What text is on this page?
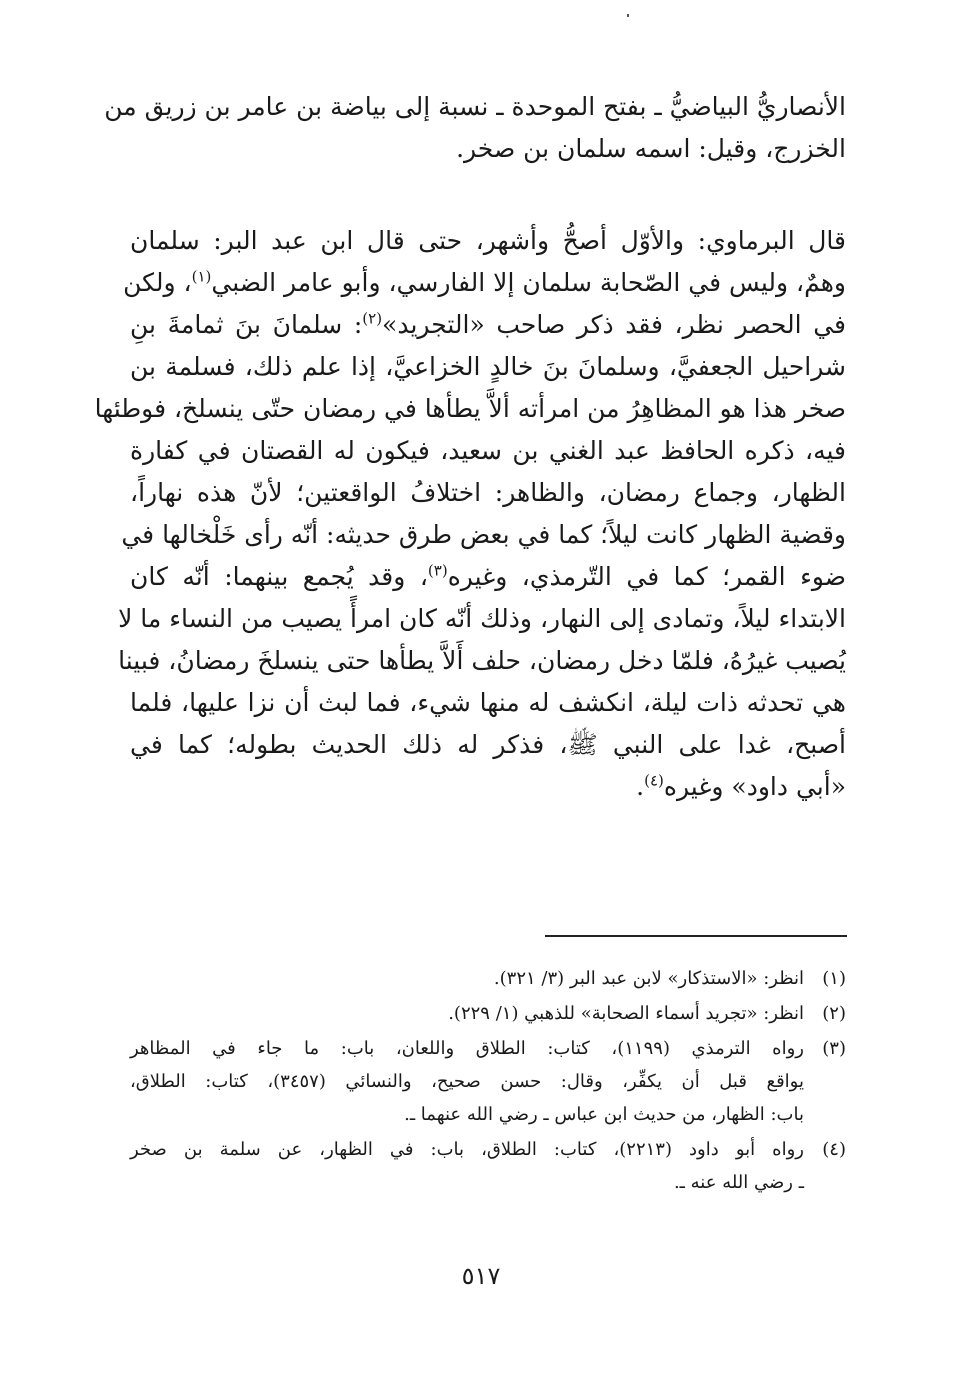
الأنصاريُّ البياضيُّ ـ بفتح الموحدة ـ نسبة إلى بياضة بن عامر بن زريق من
الخزرج، وقيل: اسمه سلمان بن صخر.
قال البرماوي: والأوّل أصحُّ وأشهر، حتى قال ابن عبد البر: سلمان
وهمٌ، وليس في الصّحابة سلمان إلا الفارسي، وأبو عامر الضبي$^{(١)}$، ولكن
في الحصر نظر، فقد ذكر صاحب «التجريد»$^{(٢)}$: سلمانَ بنَ ثمامةَ بنِ
شراحيل الجعفيَّ، وسلمانَ بنَ خالدٍ الخزاعيَّ، إذا علم ذلك، فسلمة بن
صخر هذا هو المظاهِرُ من امرأته ألاَّ يطأها في رمضان حتّى ينسلخ، فوطئها
فيه، ذكره الحافظ عبد الغني بن سعيد، فيكون له القصتان في كفارة
الظهار، وجماع رمضان، والظاهر: اختلافُ الواقعتين؛ لأنّ هذه نهاراً،
وقضية الظهار كانت ليلاً؛ كما في بعض طرق حديثه: أنّه رأى خَلْخالها في
ضوء القمر؛ كما في التّرمذي، وغيره$^{(٣)}$، وقد يُجمع بينهما: أنّه كان
الابتداء ليلاً، وتمادى إلى النهار، وذلك أنّه كان امرأً يصيب من النساء ما لا
يُصيب غيرُهُ، فلمّا دخل رمضان، حلف أَلاَّ يطأها حتى ينسلخَ رمضانُ، فبينا
هي تحدثه ذات ليلة، انكشف له منها شيء، فما لبث أن نزا عليها، فلما
أصبح، غدا على النبي ﷺ، فذكر له ذلك الحديث بطوله؛ كما في
«أبي داود» وغيره$^{(٤)}$.
(١)
انظر: «الاستذكار» لابن عبد البر (٣/ ٣٢١).
(٢)
انظر: «تجريد أسماء الصحابة» للذهبي (١/ ٢٢٩).
(٣)
رواه الترمذي (١١٩٩)، كتاب: الطلاق واللعان، باب: ما جاء في المظاهر
يواقع قبل أن يكفِّر، وقال: حسن صحيح، والنسائي (٣٤٥٧)، كتاب: الطلاق،
باب: الظهار، من حديث ابن عباس ـ رضي الله عنهما ـ.
(٤)
رواه أبو داود (٢٢١٣)، كتاب: الطلاق، باب: في الظهار، عن سلمة بن صخر
ـ رضي الله عنه ـ.
٥١٧
